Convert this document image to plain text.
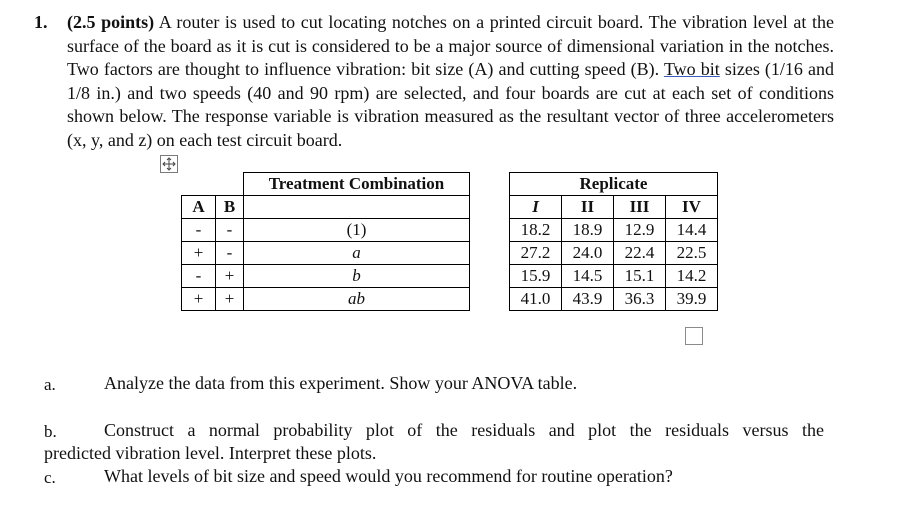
1. (2.5 points) A router is used to cut locating notches on a printed circuit board. The vibration level at the surface of the board as it is cut is considered to be a major source of dimensional variation in the notches. Two factors are thought to influence vibration: bit size (A) and cutting speed (B). Two bit sizes (1/16 and 1/8 in.) and two speeds (40 and 90 rpm) are selected, and four boards are cut at each set of conditions shown below. The response variable is vibration measured as the resultant vector of three accelerometers (x, y, and z) on each test circuit board.
		Treatment Combination		Replicate			
A	B			I	II	III	IV
-	-	(1)		18.2	18.9	12.9	14.4
+	-	a		27.2	24.0	22.4	22.5
-	+	b		15.9	14.5	15.1	14.2
+	+	ab		41.0	43.9	36.3	39.9
a.	Analyze the data from this experiment. Show your ANOVA table.
b.	Construct a normal probability plot of the residuals and plot the residuals versus the
predicted vibration level. Interpret these plots.
c.	What levels of bit size and speed would you recommend for routine operation?
